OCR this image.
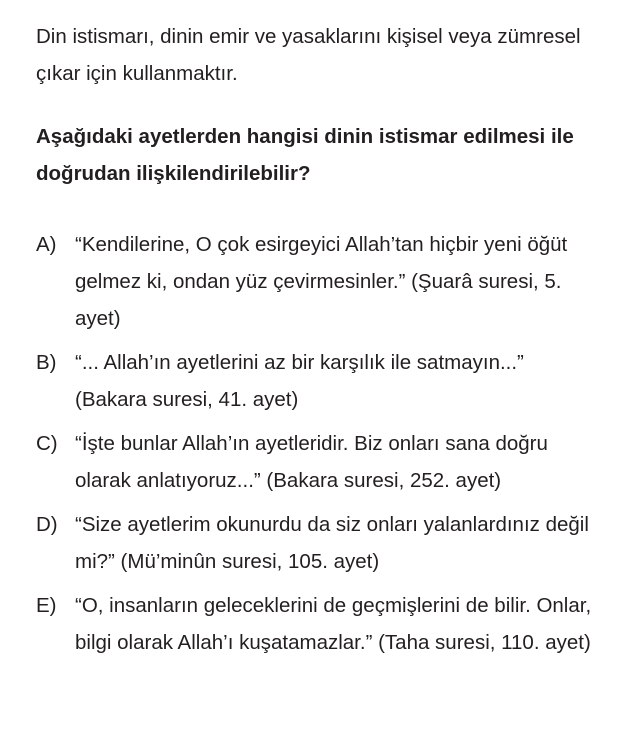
Din istismarı, dinin emir ve yasaklarını kişisel veya zümresel çıkar için kullanmaktır.

Aşağıdaki ayetlerden hangisi dinin istismar edilmesi ile doğrudan ilişkilendirilebilir?

A) “Kendilerine, O çok esirgeyici Allah’tan hiçbir yeni öğüt gelmez ki, ondan yüz çevirmesinler.” (Şuarâ suresi, 5. ayet)
B) “... Allah’ın ayetlerini az bir karşılık ile satmayın...” (Bakara suresi, 41. ayet)
C) “İşte bunlar Allah’ın ayetleridir. Biz onları sana doğru olarak anlatıyoruz...” (Bakara suresi, 252. ayet)
D) “Size ayetlerim okunurdu da siz onları yalanlardınız değil mi?” (Mü’minûn suresi, 105. ayet)
E) “O, insanların geleceklerini de geçmişlerini de bilir. Onlar, bilgi olarak Allah’ı kuşatamazlar.” (Taha suresi, 110. ayet)
